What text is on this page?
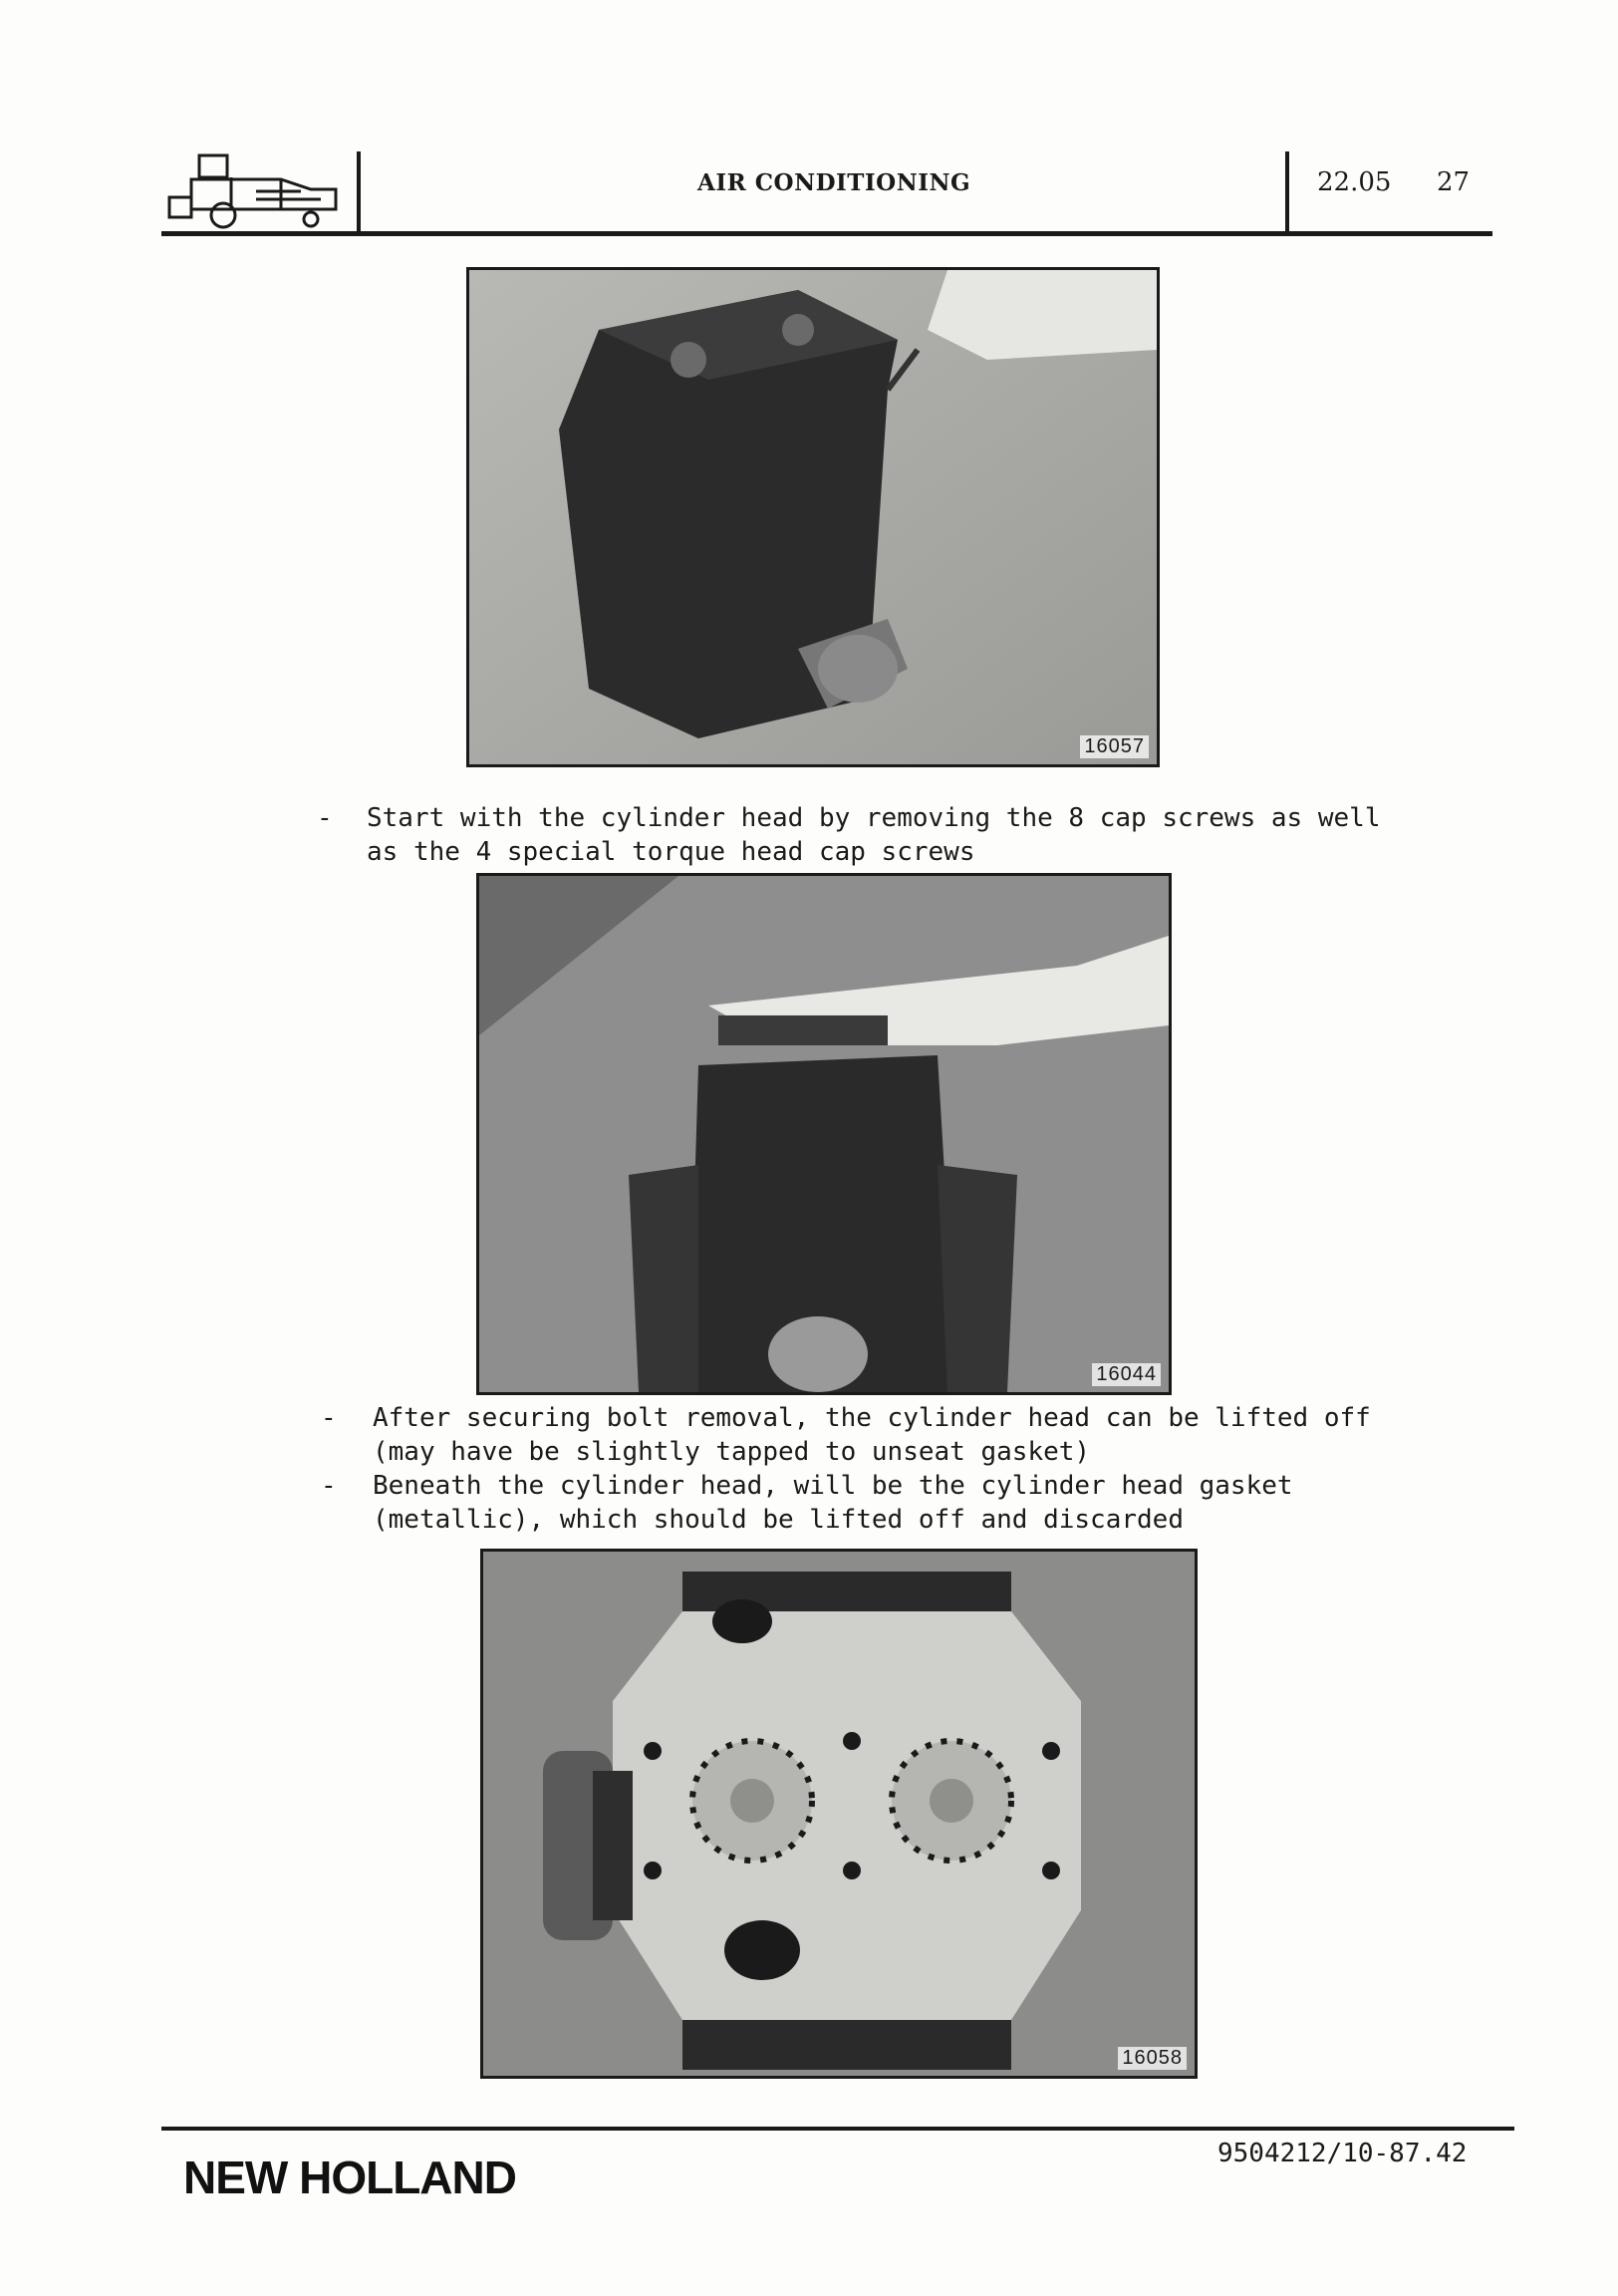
AIR CONDITIONING	22.05 27
16057
- Start with the cylinder head by removing the 8 cap screws as well
as the 4 special torque head cap screws
16044
- After securing bolt removal, the cylinder head can be lifted off
(may have be slightly tapped to unseat gasket)
- Beneath the cylinder head, will be the cylinder head gasket
(metallic), which should be lifted off and discarded
16058
NEW HOLLAND	9504212/10-87.42
